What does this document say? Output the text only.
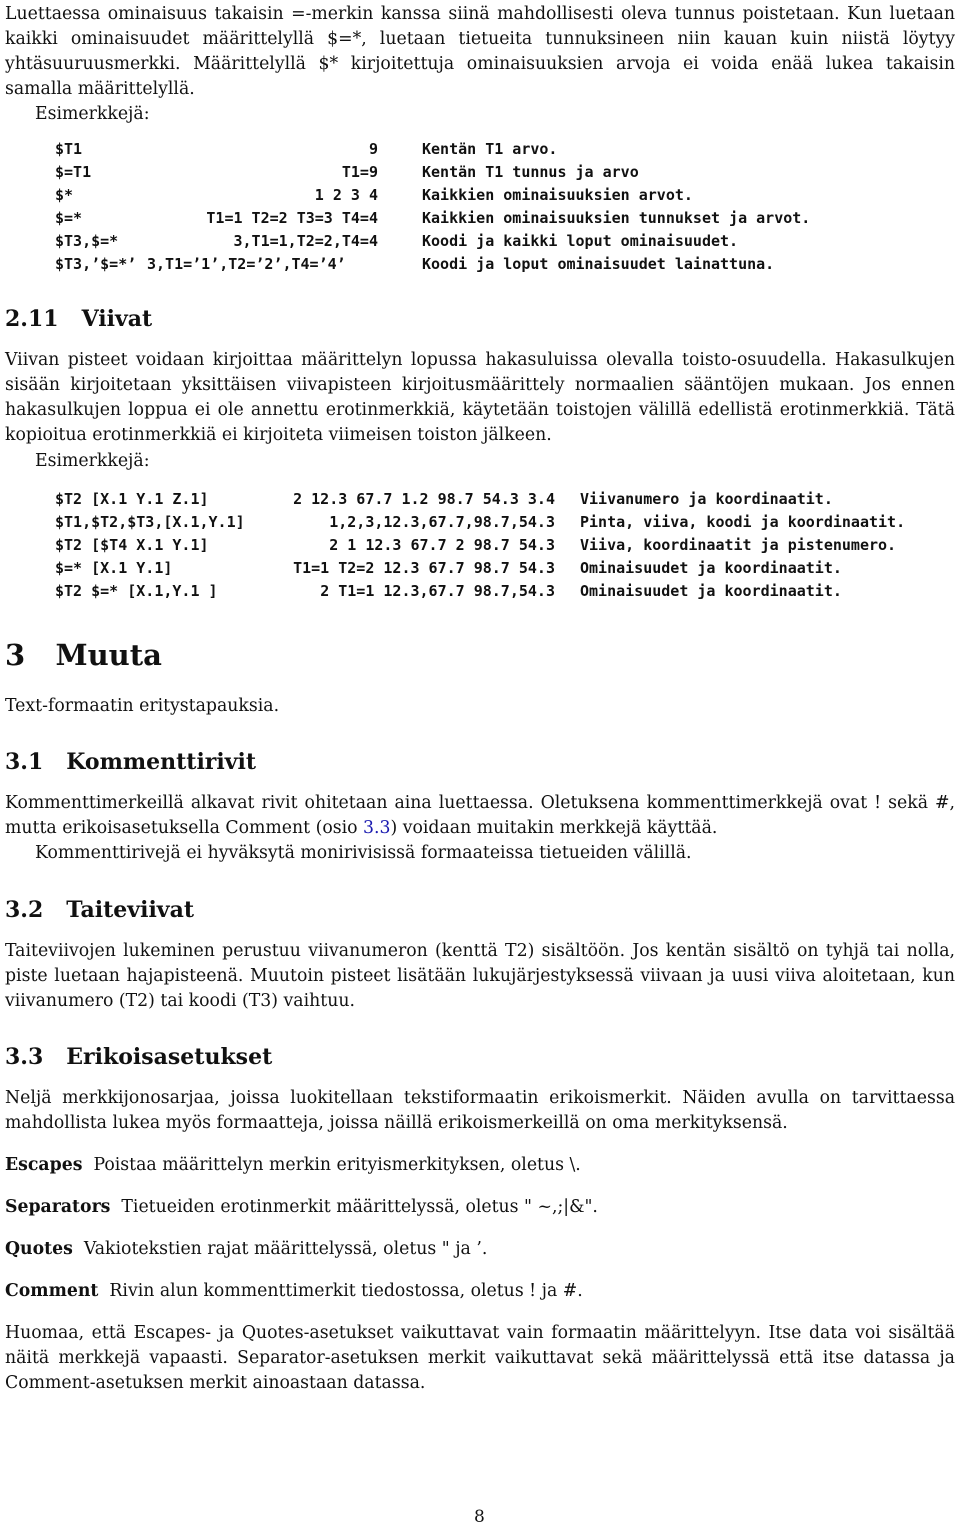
Luettaessa ominaisuus takaisin =-merkin kanssa siinä mahdollisesti oleva tunnus poistetaan. Kun luetaan kaikki ominaisuudet määrittelyllä $=*, luetaan tietueita tunnuksineen niin kauan kuin niistä löytyy yhtäsuuruusmerkki. Määrittelyllä $* kirjoitettuja ominaisuuksien arvoja ei voida enää lukea takaisin samalla määrittelyllä.

Esimerkkejä:

$T1	9	Kentän T1 arvo.
$=T1	T1=9	Kentän T1 tunnus ja arvo
$*	1 2 3 4	Kaikkien ominaisuuksien arvot.
$=*	T1=1 T2=2 T3=3 T4=4	Kaikkien ominaisuuksien tunnukset ja arvot.
$T3,$=*	3,T1=1,T2=2,T4=4	Koodi ja kaikki loput ominaisuudet.
$T3,’$=*’ 3,T1=’1’,T2=’2’,T4=’4’	Koodi ja loput ominaisuudet lainattuna.
2.11 Viivat

Viivan pisteet voidaan kirjoittaa määrittelyn lopussa hakasuluissa olevalla toisto-osuudella. Hakasulkujen sisään kirjoitetaan yksittäisen viivapisteen kirjoitusmäärittely normaalien sääntöjen mukaan. Jos ennen hakasulkujen loppua ei ole annettu erotinmerkkiä, käytetään toistojen välillä edellistä erotinmerkkiä. Tätä kopioitua erotinmerkkiä ei kirjoiteta viimeisen toiston jälkeen.

Esimerkkejä:

$T2 [X.1 Y.1 Z.1]	2 12.3 67.7 1.2 98.7 54.3 3.4 Viivanumero ja koordinaatit.
$T1,$T2,$T3,[X.1,Y.1]	1,2,3,12.3,67.7,98.7,54.3 Pinta, viiva, koodi ja koordinaatit.
$T2 [$T4 X.1 Y.1]	2 1 12.3 67.7 2 98.7 54.3 Viiva, koordinaatit ja pistenumero.
$=* [X.1 Y.1]	T1=1 T2=2 12.3 67.7 98.7 54.3 Ominaisuudet ja koordinaatit.
$T2 $=* [X.1,Y.1 ]	2 T1=1 12.3,67.7 98.7,54.3 Ominaisuudet ja koordinaatit.
3 Muuta

Text-formaatin eritystapauksia.

3.1 Kommenttirivit

Kommenttimerkeillä alkavat rivit ohitetaan aina luettaessa. Oletuksena kommenttimerkkejä ovat ! sekä #, mutta erikoisasetuksella Comment (osio 3.3) voidaan muitakin merkkejä käyttää.

Kommenttirivejä ei hyväksytä monirivisissä formaateissa tietueiden välillä.

3.2 Taiteviivat

Taiteviivojen lukeminen perustuu viivanumeron (kenttä T2) sisältöön. Jos kentän sisältö on tyhjä tai nolla, piste luetaan hajapisteenä. Muutoin pisteet lisätään lukujärjestyksessä viivaan ja uusi viiva aloitetaan, kun viivanumero (T2) tai koodi (T3) vaihtuu.

3.3 Erikoisasetukset

Neljä merkkijonosarjaa, joissa luokitellaan tekstiformaatin erikoismerkit. Näiden avulla on tarvittaessa mahdollista lukea myös formaatteja, joissa näillä erikoismerkeillä on oma merkityksensä.

Escapes Poistaa määrittelyn merkin erityismerkityksen, oletus \.

Separators Tietueiden erotinmerkit määrittelyssä, oletus " ~,;|&".

Quotes Vakiotekstien rajat määrittelyssä, oletus " ja ’.

Comment Rivin alun kommenttimerkit tiedostossa, oletus ! ja #.

Huomaa, että Escapes- ja Quotes-asetukset vaikuttavat vain formaatin määrittelyyn. Itse data voi sisältää näitä merkkejä vapaasti. Separator-asetuksen merkit vaikuttavat sekä määrittelyssä että itse datassa ja Comment-asetuksen merkit ainoastaan datassa.

8
